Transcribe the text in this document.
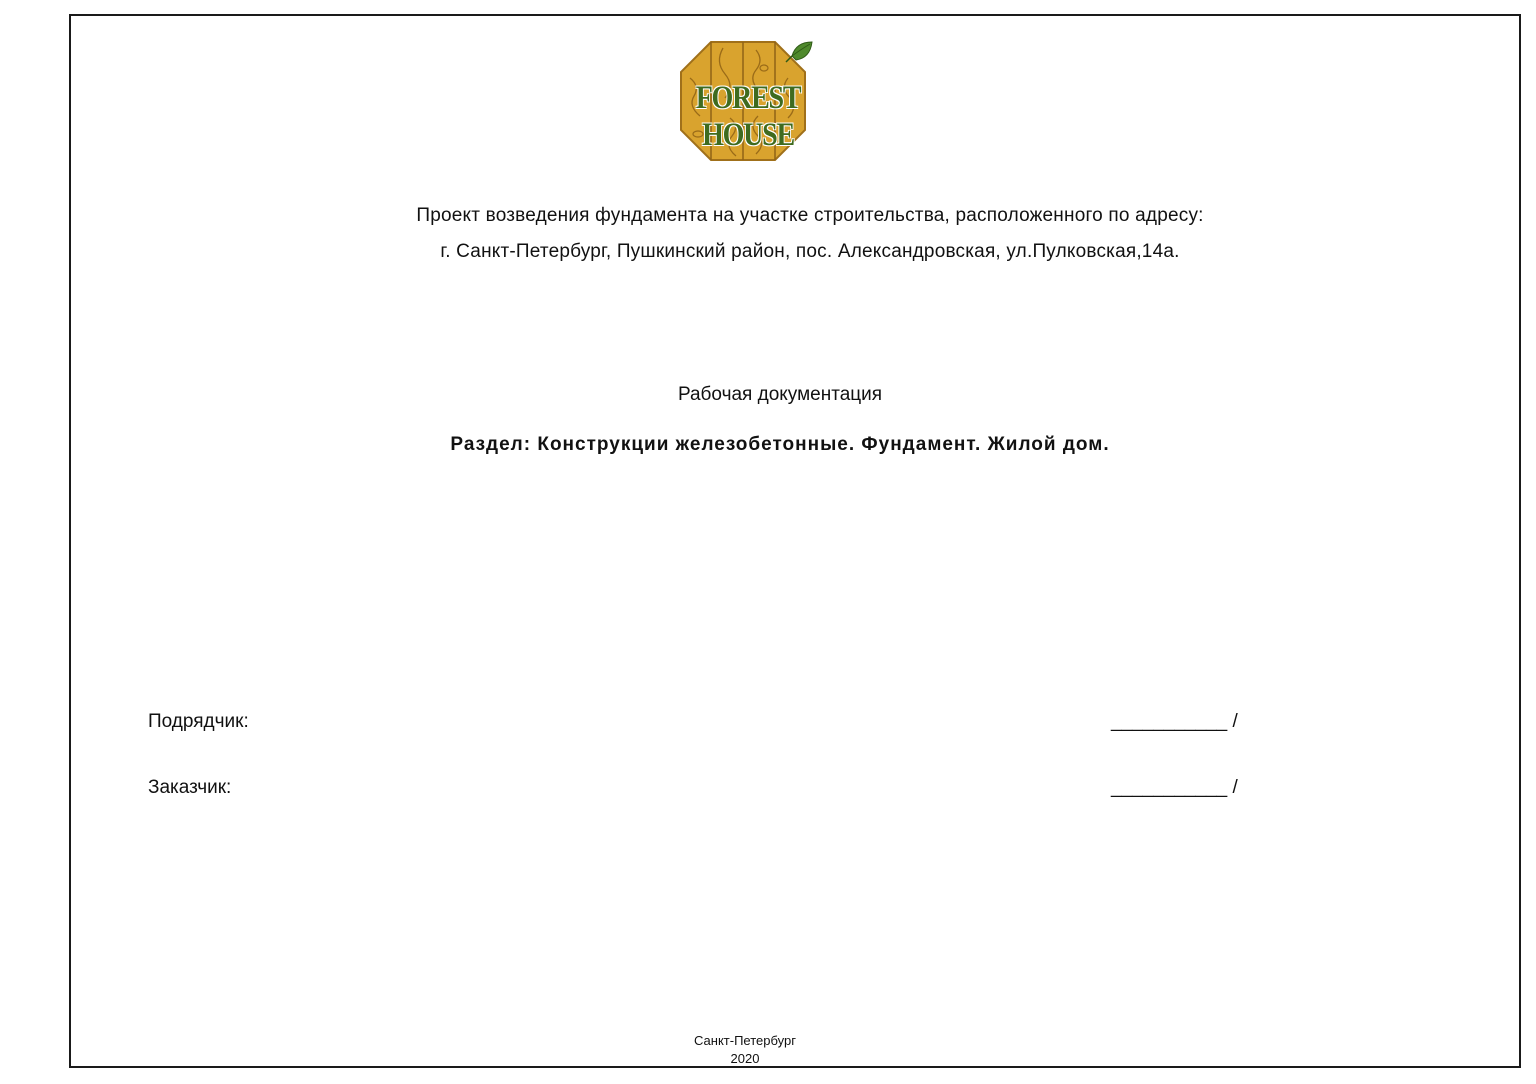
FOREST HOUSE
Проект возведения фундамента на участке строительства, расположенного по адресу:
г. Санкт-Петербург, Пушкинский район, пос. Александровская, ул.Пулковская,14а.
Рабочая документация
Раздел: Конструкции железобетонные. Фундамент. Жилой дом.
Подрядчик:	___________ /
Заказчик:	___________ /
Санкт-Петербург
2020
